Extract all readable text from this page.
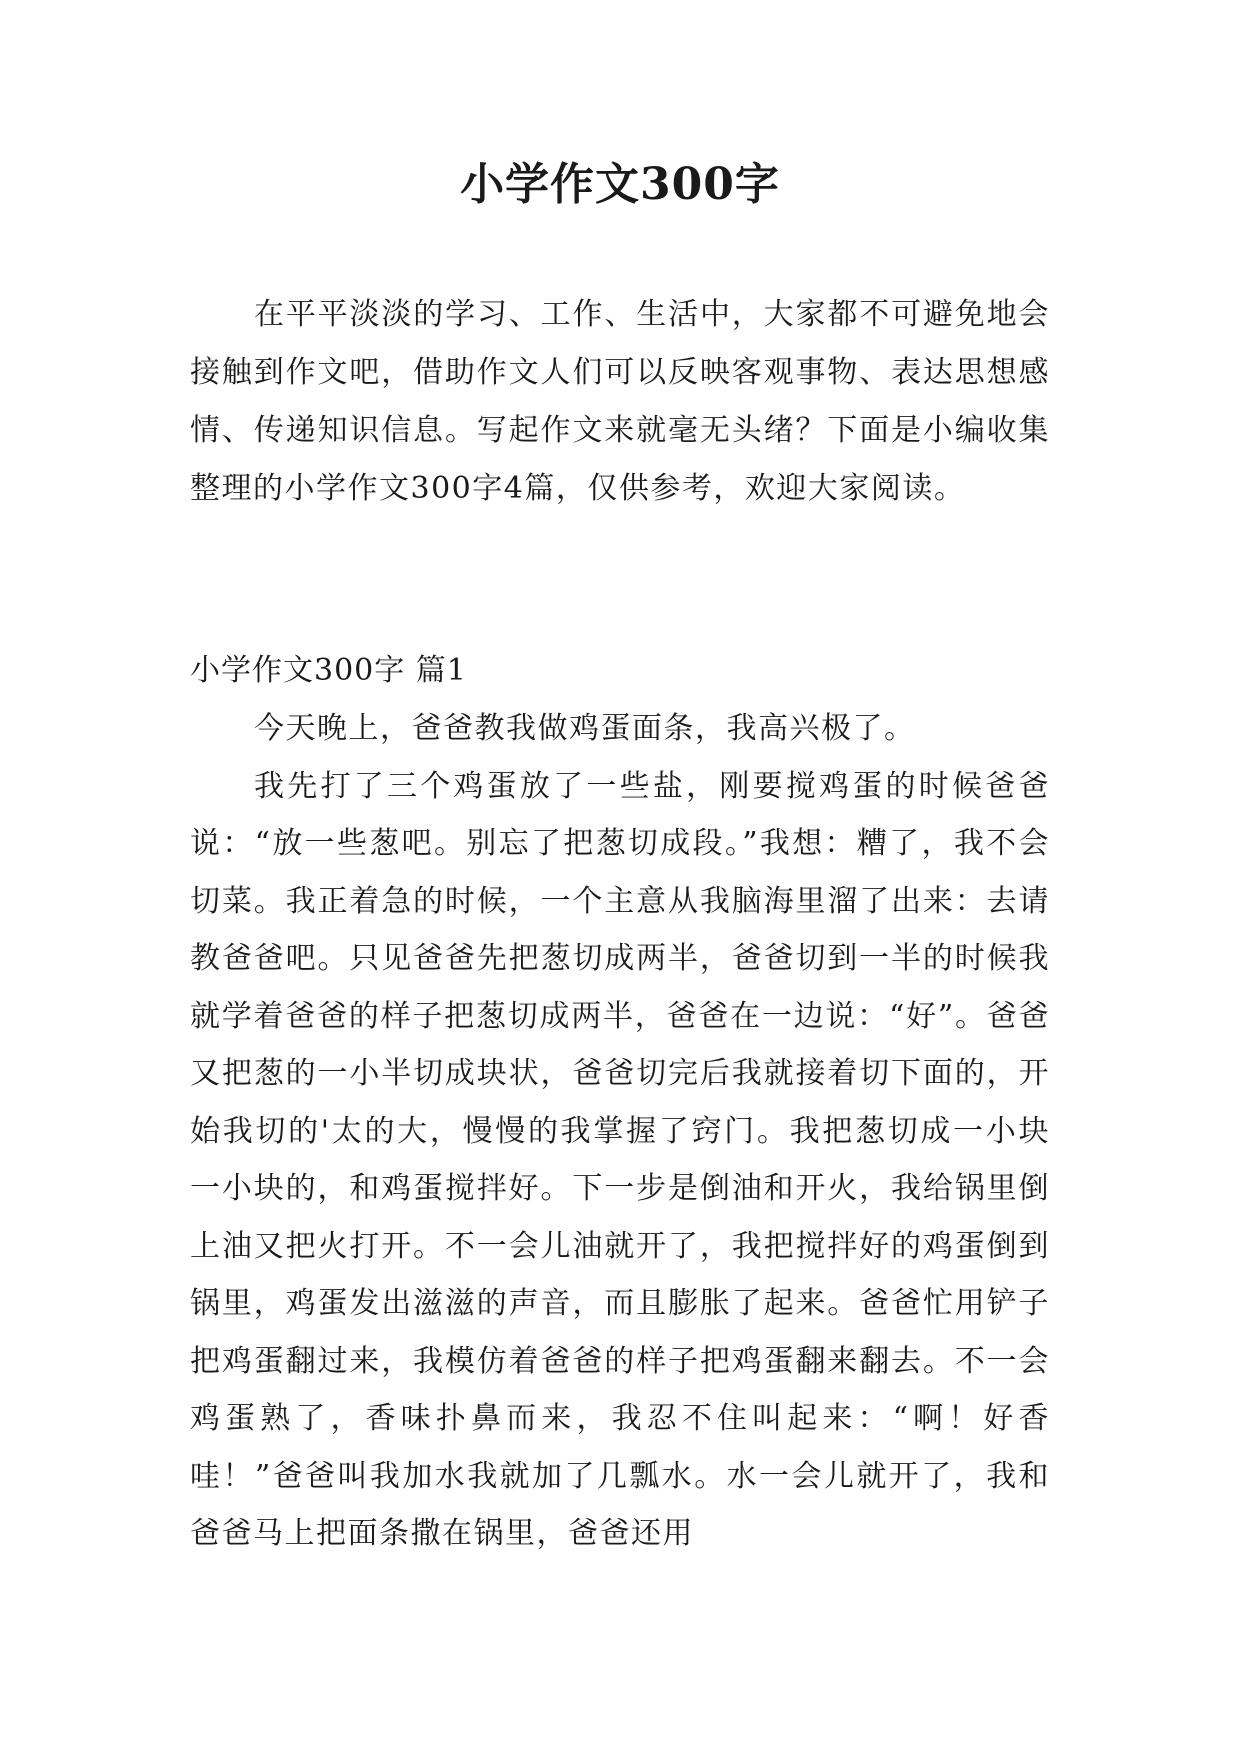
小学作文300字

在平平淡淡的学习、工作、生活中，大家都不可避免地会接触到作文吧，借助作文人们可以反映客观事物、表达思想感情、传递知识信息。写起作文来就毫无头绪？下面是小编收集整理的小学作文300字4篇，仅供参考，欢迎大家阅读。

小学作文300字 篇1

今天晚上，爸爸教我做鸡蛋面条，我高兴极了。

我先打了三个鸡蛋放了一些盐，刚要搅鸡蛋的时候爸爸说：“放一些葱吧。别忘了把葱切成段。”我想：糟了，我不会切菜。我正着急的时候，一个主意从我脑海里溜了出来：去请教爸爸吧。只见爸爸先把葱切成两半，爸爸切到一半的时候我就学着爸爸的样子把葱切成两半，爸爸在一边说：“好”。爸爸又把葱的一小半切成块状，爸爸切完后我就接着切下面的，开始我切的'太的大，慢慢的我掌握了窍门。我把葱切成一小块一小块的，和鸡蛋搅拌好。下一步是倒油和开火，我给锅里倒上油又把火打开。不一会儿油就开了，我把搅拌好的鸡蛋倒到锅里，鸡蛋发出滋滋的声音，而且膨胀了起来。爸爸忙用铲子把鸡蛋翻过来，我模仿着爸爸的样子把鸡蛋翻来翻去。不一会鸡蛋熟了，香味扑鼻而来，我忍不住叫起来：“啊！好香哇！”爸爸叫我加水我就加了几瓢水。水一会儿就开了，我和爸爸马上把面条撒在锅里，爸爸还用
